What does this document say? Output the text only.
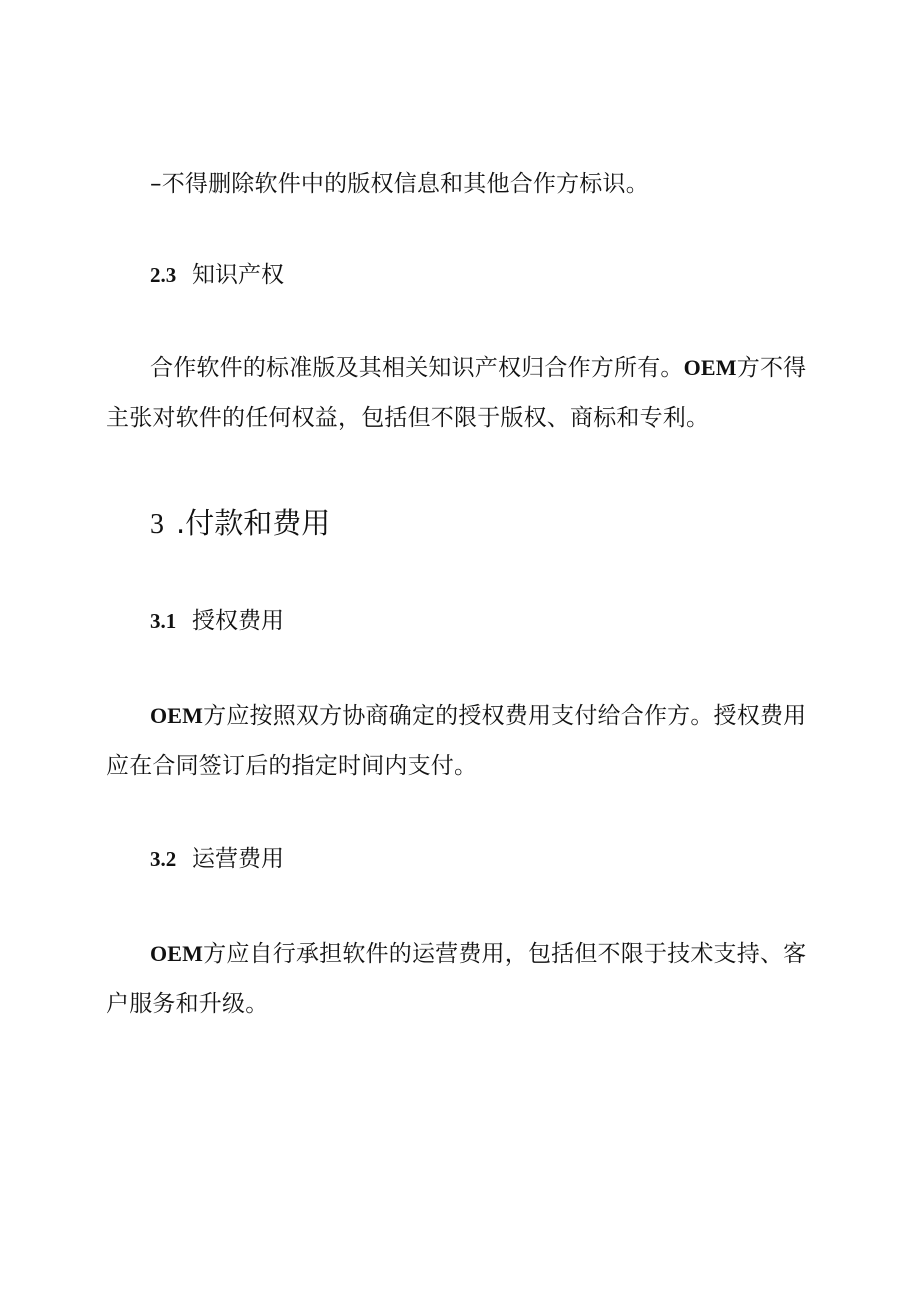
–不得删除软件中的版权信息和其他合作方标识。
2.3 知识产权
合作软件的标准版及其相关知识产权归合作方所有。OEM方不得
主张对软件的任何权益，包括但不限于版权、商标和专利。
3 .付款和费用
3.1 授权费用
OEM方应按照双方协商确定的授权费用支付给合作方。授权费用
应在合同签订后的指定时间内支付。
3.2 运营费用
OEM方应自行承担软件的运营费用，包括但不限于技术支持、客
户服务和升级。
